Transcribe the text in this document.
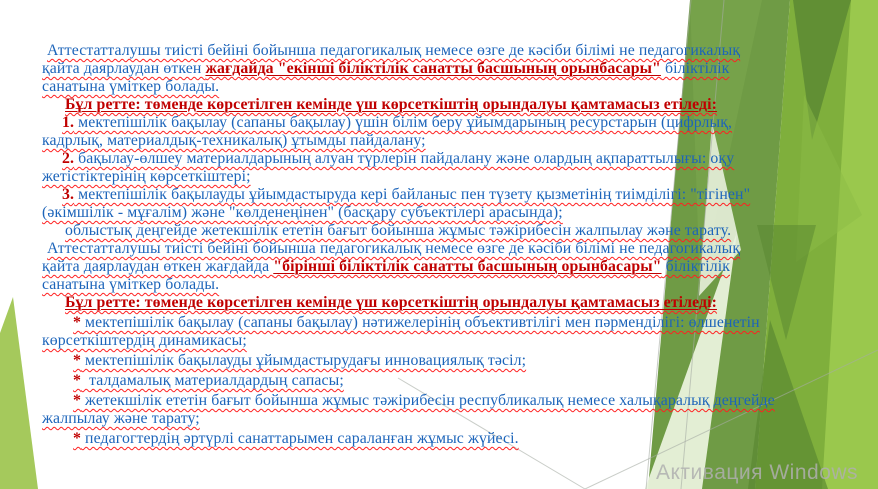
Аттестатталушы тиісті бейіні бойынша педагогикалық немесе өзге де кәсіби білімі не педагогикалық
қайта даярлаудан өткен жағдайда "екінші біліктілік санатты басшының орынбасары" біліктілік
санатына үміткер болады.
Бұл ретте: төменде көрсетілген кемінде үш көрсеткіштің орындалуы қамтамасыз етіледі:
1. мектепішілік бақылау (сапаны бақылау) үшін білім беру ұйымдарының ресурстарын (цифрлық,
кадрлық, материалдық-техникалық) ұтымды пайдалану;
2. бақылау-өлшеу материалдарының алуан түрлерін пайдалану және олардың ақпараттылығы: оқу
жетістіктерінің көрсеткіштері;
3. мектепішілік бақылауды ұйымдастыруда кері байланыс пен түзету қызметінің тиімділігі: "тігінен"
(әкімшілік - мұғалім) және "көлденеңінен" (басқару субъектілері арасында);
облыстық деңгейде жетекшілік ететін бағыт бойынша жұмыс тәжірибесін жалпылау және тарату.
Аттестатталушы тиісті бейіні бойынша педагогикалық немесе өзге де кәсіби білімі не педагогикалық
қайта даярлаудан өткен жағдайда "бірінші біліктілік санатты басшының орынбасары" біліктілік
санатына үміткер болады.
Бұл ретте: төменде көрсетілген кемінде үш көрсеткіштің орындалуы қамтамасыз етіледі:
* мектепішілік бақылау (сапаны бақылау) нәтижелерінің объективтілігі мен пәрменділігі: өлшенетін
көрсеткіштердің динамикасы;
* мектепішілік бақылауды ұйымдастырудағы инновациялық тәсіл;
*  талдамалық материалдардың сапасы;
* жетекшілік ететін бағыт бойынша жұмыс тәжірибесін республикалық немесе халықаралық деңгейде
жалпылау және тарату;
* педагогтердің әртүрлі санаттарымен сараланған жұмыс жүйесі.
Активация Windows
